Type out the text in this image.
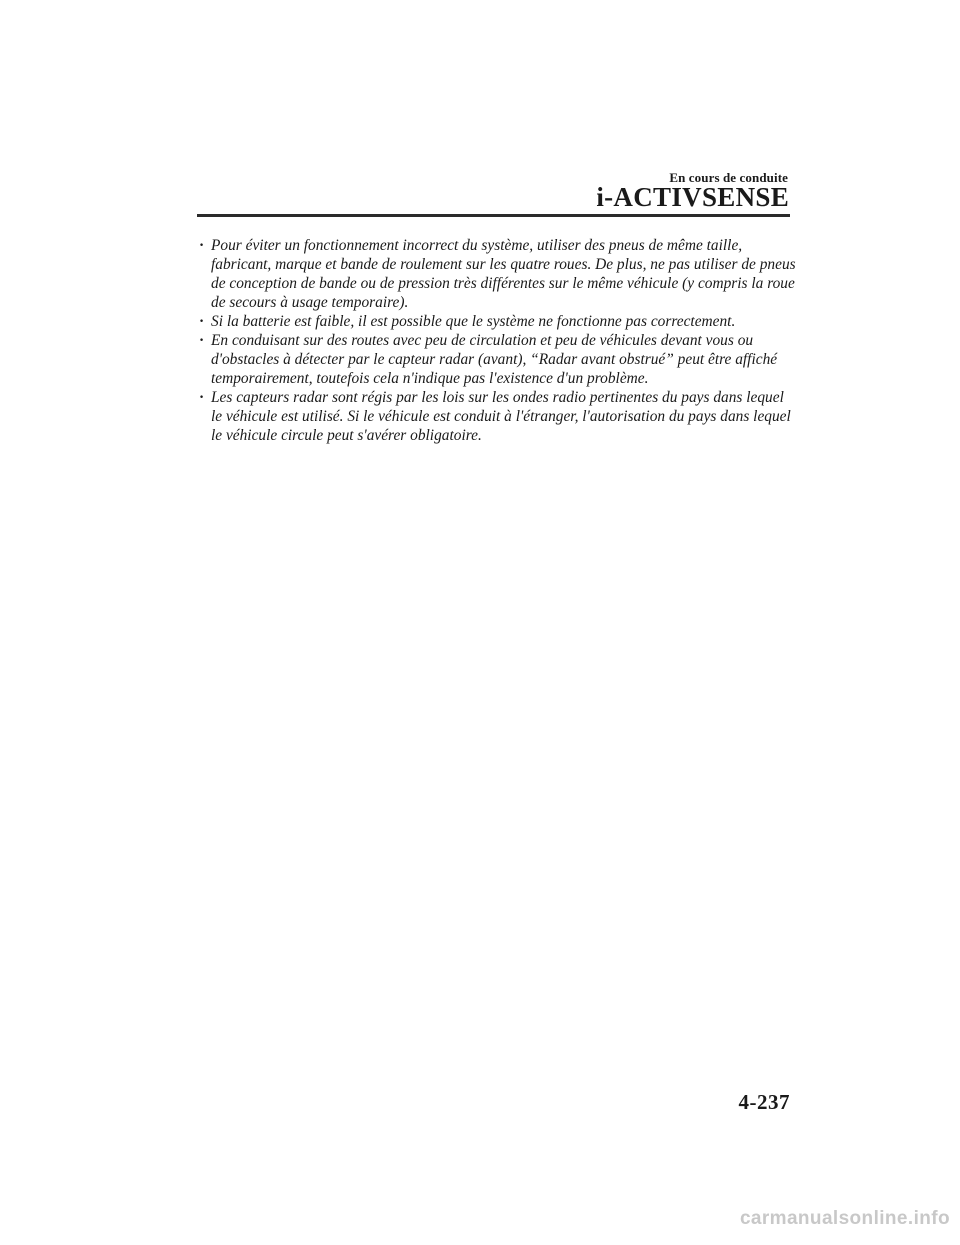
En cours de conduite
i-ACTIVSENSE
· Pour éviter un fonctionnement incorrect du système, utiliser des pneus de même taille, fabricant, marque et bande de roulement sur les quatre roues. De plus, ne pas utiliser de pneus de conception de bande ou de pression très différentes sur le même véhicule (y compris la roue de secours à usage temporaire).
· Si la batterie est faible, il est possible que le système ne fonctionne pas correctement.
· En conduisant sur des routes avec peu de circulation et peu de véhicules devant vous ou d'obstacles à détecter par le capteur radar (avant), “Radar avant obstrué” peut être affiché temporairement, toutefois cela n'indique pas l'existence d'un problème.
· Les capteurs radar sont régis par les lois sur les ondes radio pertinentes du pays dans lequel le véhicule est utilisé. Si le véhicule est conduit à l'étranger, l'autorisation du pays dans lequel le véhicule circule peut s'avérer obligatoire.
4-237
carmanualsonline.info
